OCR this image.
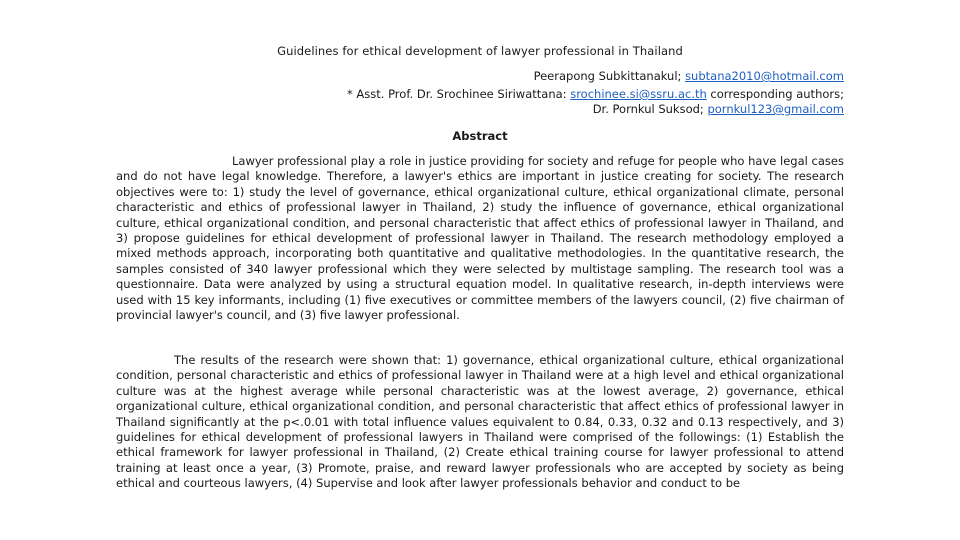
Guidelines for ethical development of lawyer professional in Thailand
Peerapong Subkittanakul; subtana2010@hotmail.com
* Asst. Prof. Dr. Srochinee Siriwattana: srochinee.si@ssru.ac.th corresponding authors;
Dr. Pornkul Suksod; pornkul123@gmail.com
Abstract

Lawyer professional play a role in justice providing for society and refuge for people who have legal cases and do not have legal knowledge. Therefore, a lawyer's ethics are important in justice creating for society. The research objectives were to: 1) study the level of governance, ethical organizational culture, ethical organizational climate, personal characteristic and ethics of professional lawyer in Thailand, 2) study the influence of governance, ethical organizational culture, ethical organizational condition, and personal characteristic that affect ethics of professional lawyer in Thailand, and 3) propose guidelines for ethical development of professional lawyer in Thailand. The research methodology employed a mixed methods approach, incorporating both quantitative and qualitative methodologies. In the quantitative research, the samples consisted of 340 lawyer professional which they were selected by multistage sampling. The research tool was a questionnaire. Data were analyzed by using a structural equation model. In qualitative research, in-depth interviews were used with 15 key informants, including (1) five executives or committee members of the lawyers council, (2) five chairman of provincial lawyer's council, and (3) five lawyer professional.

The results of the research were shown that: 1) governance, ethical organizational culture, ethical organizational condition, personal characteristic and ethics of professional lawyer in Thailand were at a high level and ethical organizational culture was at the highest average while personal characteristic was at the lowest average, 2) governance, ethical organizational culture, ethical organizational condition, and personal characteristic that affect ethics of professional lawyer in Thailand significantly at the p<.0.01 with total influence values equivalent to 0.84, 0.33, 0.32 and 0.13 respectively, and 3) guidelines for ethical development of professional lawyers in Thailand were comprised of the followings: (1) Establish the ethical framework for lawyer professional in Thailand, (2) Create ethical training course for lawyer professional to attend training at least once a year, (3) Promote, praise, and reward lawyer professionals who are accepted by society as being ethical and courteous lawyers, (4) Supervise and look after lawyer professionals behavior and conduct to be
